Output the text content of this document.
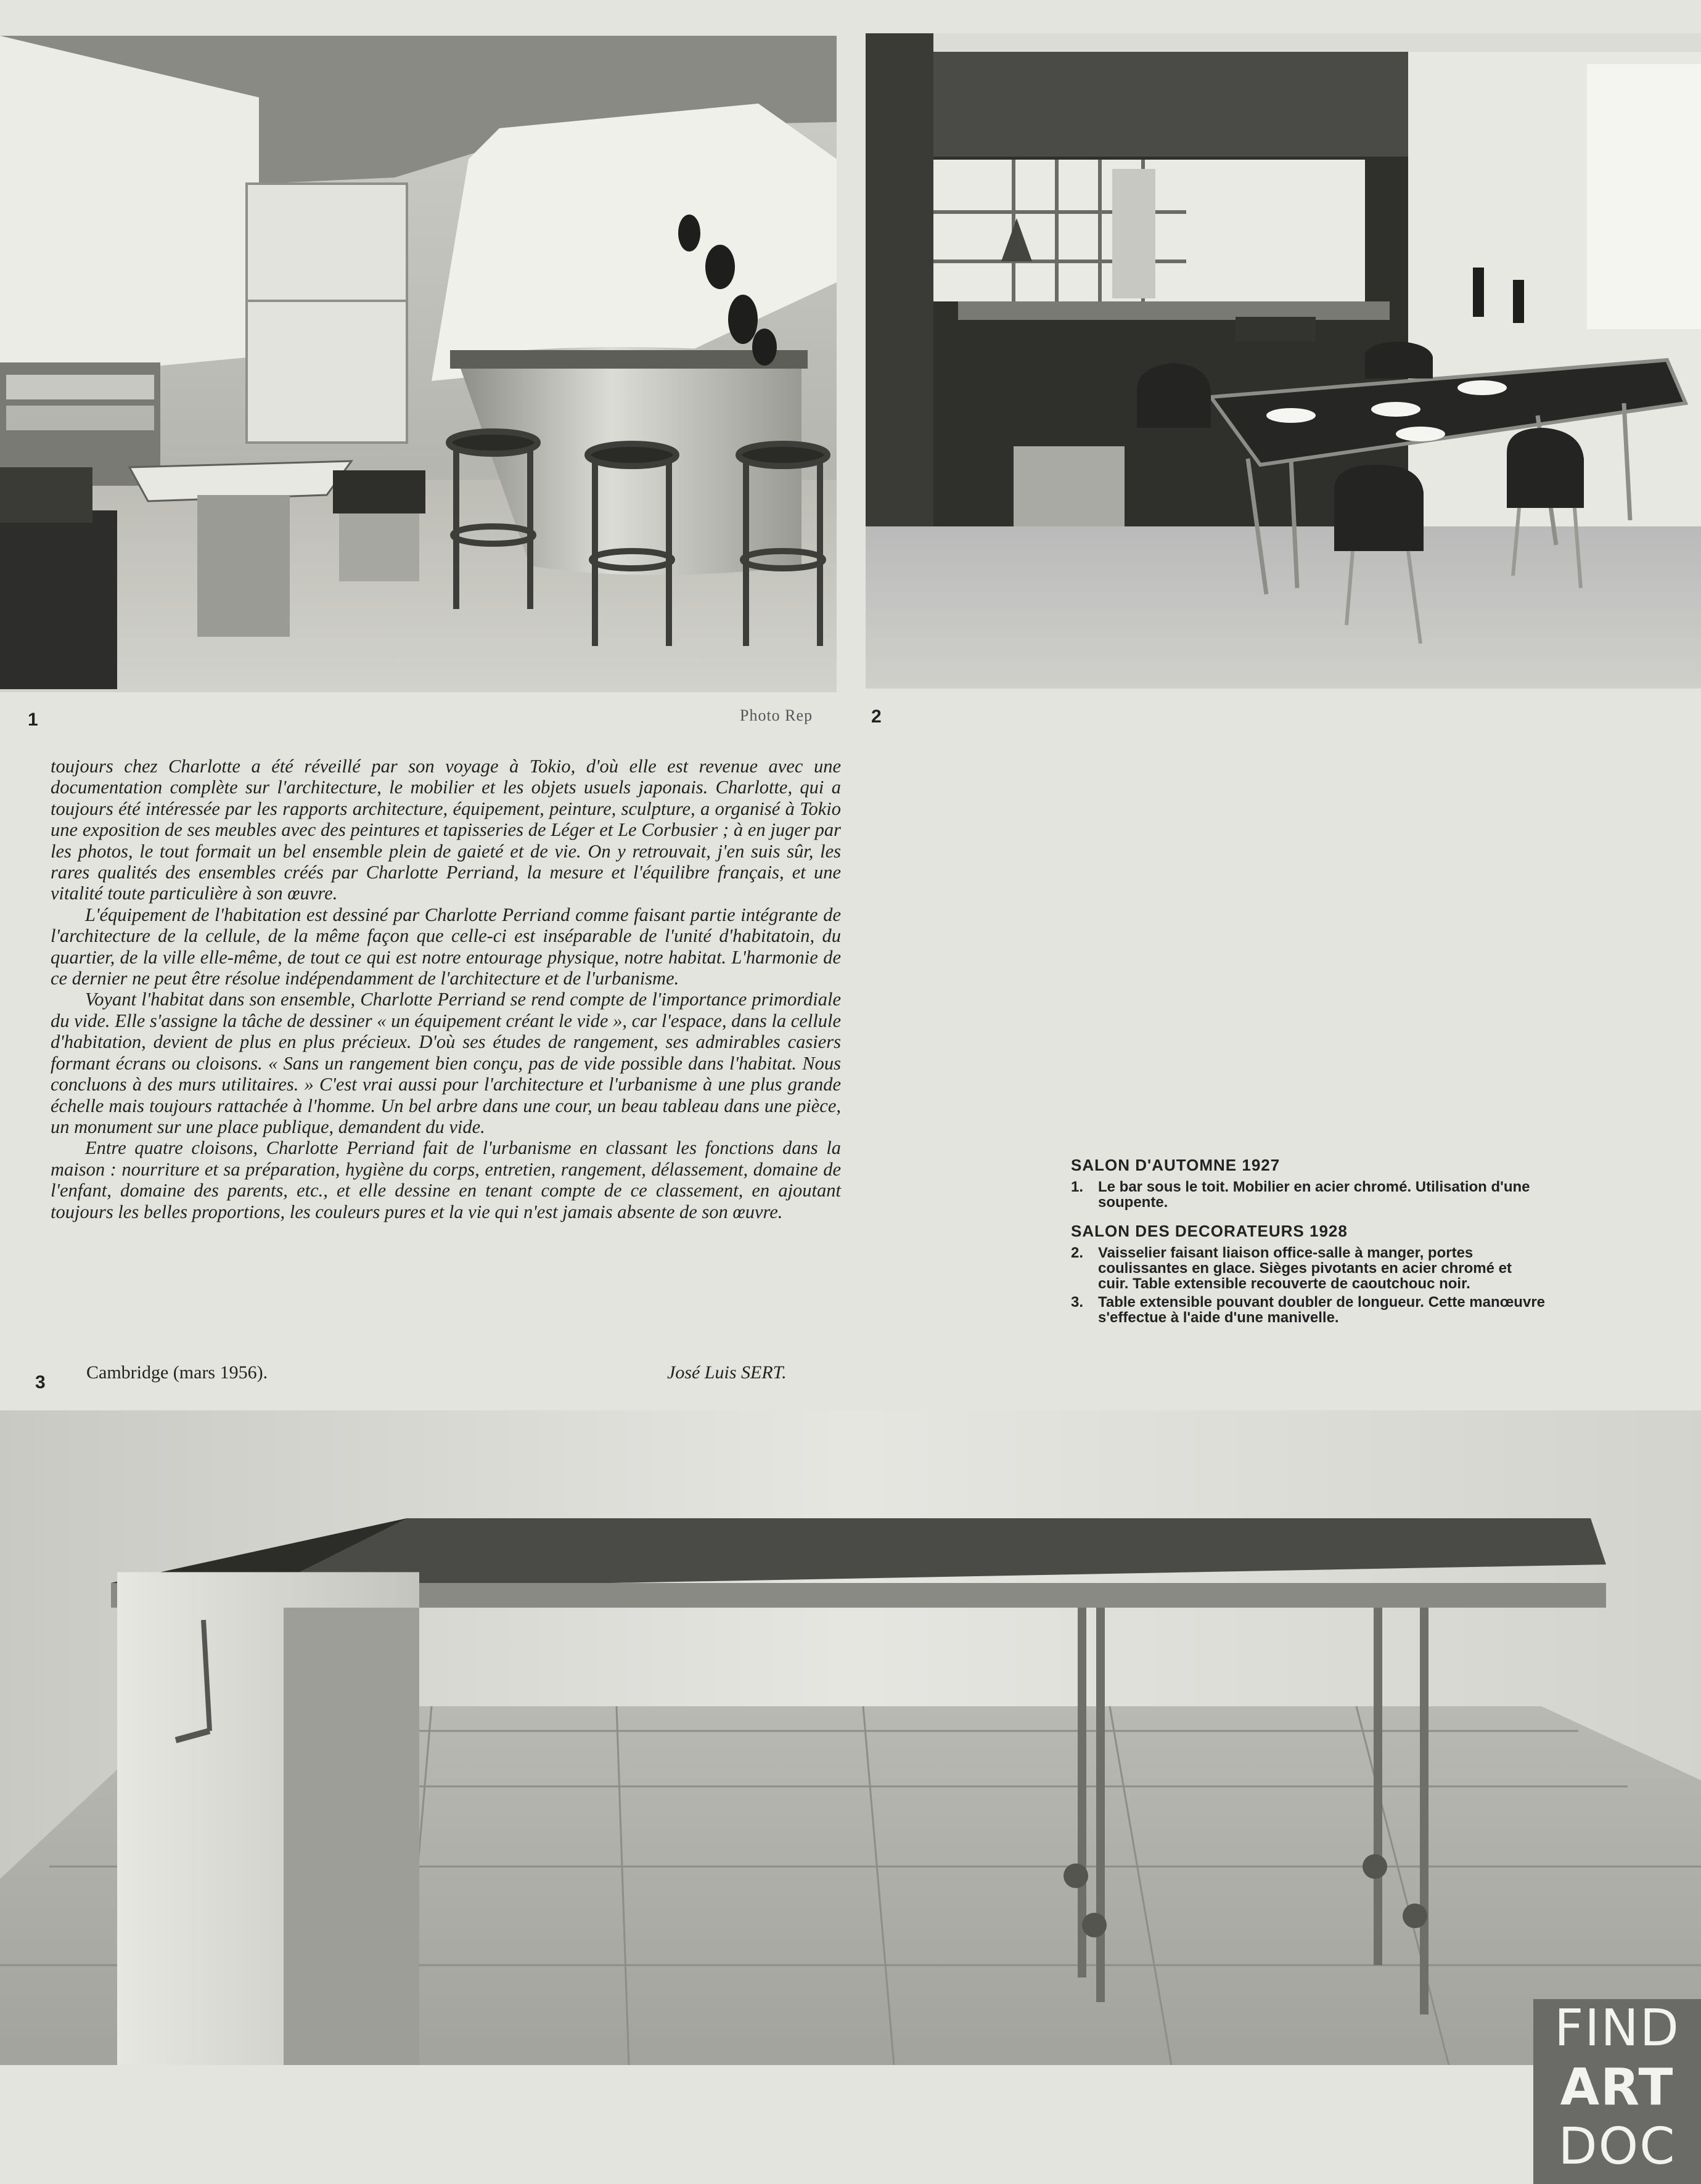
1	Photo Rep	2

toujours chez Charlotte a été réveillé par son voyage à Tokio, d'où elle est revenue avec une documentation complète sur l'architecture, le mobilier et les objets usuels japonais. Charlotte, qui a toujours été intéressée par les rapports architecture, équipement, peinture, sculpture, a organisé à Tokio une exposition de ses meubles avec des peintures et tapisseries de Léger et Le Corbusier ; à en juger par les photos, le tout formait un bel ensemble plein de gaieté et de vie. On y retrouvait, j'en suis sûr, les rares qualités des ensembles créés par Charlotte Perriand, la mesure et l'équilibre français, et une vitalité toute particulière à son œuvre.

L'équipement de l'habitation est dessiné par Charlotte Perriand comme faisant partie intégrante de l'architecture de la cellule, de la même façon que celle-ci est inséparable de l'unité d'habitatoin, du quartier, de la ville elle-même, de tout ce qui est notre entourage physique, notre habitat. L'harmonie de ce dernier ne peut être résolue indépendamment de l'architecture et de l'urbanisme.

Voyant l'habitat dans son ensemble, Charlotte Perriand se rend compte de l'importance primordiale du vide. Elle s'assigne la tâche de dessiner « un équipement créant le vide », car l'espace, dans la cellule d'habitation, devient de plus en plus précieux. D'où ses études de rangement, ses admirables casiers formant écrans ou cloisons. « Sans un rangement bien conçu, pas de vide possible dans l'habitat. Nous concluons à des murs utilitaires. » C'est vrai aussi pour l'architecture et l'urbanisme à une plus grande échelle mais toujours rattachée à l'homme. Un bel arbre dans une cour, un beau tableau dans une pièce, un monument sur une place publique, demandent du vide.

Entre quatre cloisons, Charlotte Perriand fait de l'urbanisme en classant les fonctions dans la maison : nourriture et sa préparation, hygiène du corps, entretien, rangement, délassement, domaine de l'enfant, domaine des parents, etc., et elle dessine en tenant compte de ce classement, en ajoutant toujours les belles proportions, les couleurs pures et la vie qui n'est jamais absente de son œuvre.

Cambridge (mars 1956).	José Luis SERT.
3
SALON D'AUTOMNE 1927
1. Le bar sous le toit. Mobilier en acier chromé. Utilisation d'une soupente.
SALON DES DECORATEURS 1928
2. Vaisselier faisant liaison office-salle à manger, portes coulissantes en glace. Sièges pivotants en acier chromé et cuir. Table extensible recouverte de caoutchouc noir.
3. Table extensible pouvant doubler de longueur. Cette manœuvre s'effectue à l'aide d'une manivelle.
FIND
ART
DOC
